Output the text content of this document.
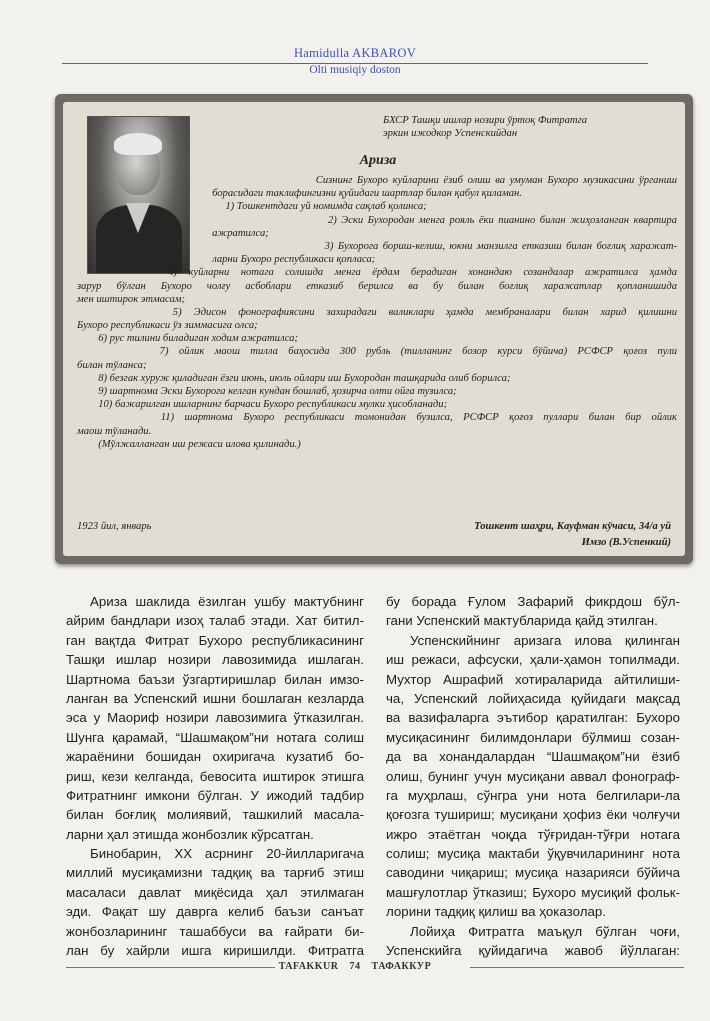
Hamidulla AKBAROV
Olti musiqiy doston
БХСР Ташқи ишлар нозири ўртоқ Фитратга
эркин ижодкор Успенскийдан
Ариза
Сизнинг Бухоро куйларини ёзиб олиш ва умуман Бухоро музикасини ўрганиш
борасидаги таклифингизни қуйидаги шартлар билан қабул қиламан.
1) Тошкентдаги уй номимда сақлаб қолинса;
2) Эски Бухородан менга рояль ёки пианино билан жиҳозланган квартира
ажратилса;
3) Бухорога бориш-келиш, юкни манзилга етказиш билан боғлиқ харажат-
ларни Бухоро республикаси қопласа;
4) куйларни нотага солишда менга ёрдам берадиган хонандаю созандалар ажратилса ҳамда
зарур бўлган Бухоро чолғу асбоблари етказиб берилса ва бу билан боғлиқ харажатлар қопланишида
мен иштирок этмасам;
5) Эдисон фонографиясини захирадаги валиклари ҳамда мембраналари билан харид қилишни
Бухоро республикаси ўз зиммасига олса;
6) рус тилини биладиган ходим ажратилса;
7) ойлик маош тилла баҳосида 300 рубль (тилланинг бозор курси бўйича) РСФСР қоғоз пули
билан тўланса;
8) безгак хуруж қиладиган ёзги июнь, июль ойлари иш Бухородан ташқарида олиб борилса;
9) шартнома Эски Бухорога келган кундан бошлаб, ҳозирча олти ойга тузилса;
10) бажарилган ишларнинг барчаси Бухоро республикаси мулки ҳисобланади;
11) шартнома Бухоро республикаси томонидан бузилса, РСФСР қоғоз пуллари билан бир ойлик
маош тўланади.
(Мўлжалланган иш режаси илова қилинади.)
1923 йил, январь	Тошкент шаҳри, Кауфман кўчаси, 34/а уй
Имзо (В.Успенкий)
Ариза шаклида ёзилган ушбу мактубнинг
айрим бандлари изоҳ талаб этади. Хат битил-
ган вақтда Фитрат Бухоро республикасининг
Ташқи ишлар нозири лавозимида ишлаган.
Шартнома баъзи ўзгартиришлар билан имзо-
ланган ва Успенский ишни бошлаган кезларда
эса у Маориф нозири лавозимига ўтказилган.
Шунга қарамай, “Шашмақом”ни нотага солиш
жараёнини бошидан охиригача кузатиб бо-
риш, кези келганда, бевосита иштирок этишга
Фитратнинг имкони бўлган. У ижодий тадбир
билан боғлиқ молиявий, ташкилий масала-
ларни ҳал этишда жонбозлик кўрсатган.
Бинобарин, XX асрнинг 20-йилларигача
миллий мусиқамизни тадқиқ ва тарғиб этиш
масаласи давлат миқёсида ҳал этилмаган
эди. Фақат шу даврга келиб баъзи санъат
жонбозларининг ташаббуси ва ғайрати би-
лан бу хайрли ишга киришилди. Фитратга
бу борада Ғулом Зафарий фикрдош бўл-
гани Успенский мактубларида қайд этилган.
Успенскийнинг аризага илова қилинган
иш режаси, афсуски, ҳали-ҳамон топилмади.
Мухтор Ашрафий хотираларида айтилиши-
ча, Успенский лойиҳасида қуйидаги мақсад
ва вазифаларга эътибор қаратилган: Бухоро
мусиқасининг билимдонлари бўлмиш созан-
да ва хонандалардан “Шашмақом”ни ёзиб
олиш, бунинг учун мусиқани аввал фонограф-
га муҳрлаш, сўнгра уни нота белгилари-ла
қоғозга тушириш; мусиқани ҳофиз ёки чолғучи
ижро этаётган чоқда тўғридан-тўғри нотага
солиш; мусиқа мактаби ўқувчиларининг нота
саводини чиқариш; мусиқа назарияси бўйича
машғулотлар ўтказиш; Бухоро мусиқий фольк-
лорини тадқиқ қилиш ва ҳоказолар.
Лойиҳа Фитратга маъқул бўлган чоғи,
Успенскийга қуйидагича жавоб йўллаган:
TAFAKKUR 74 ТАФАККУР
